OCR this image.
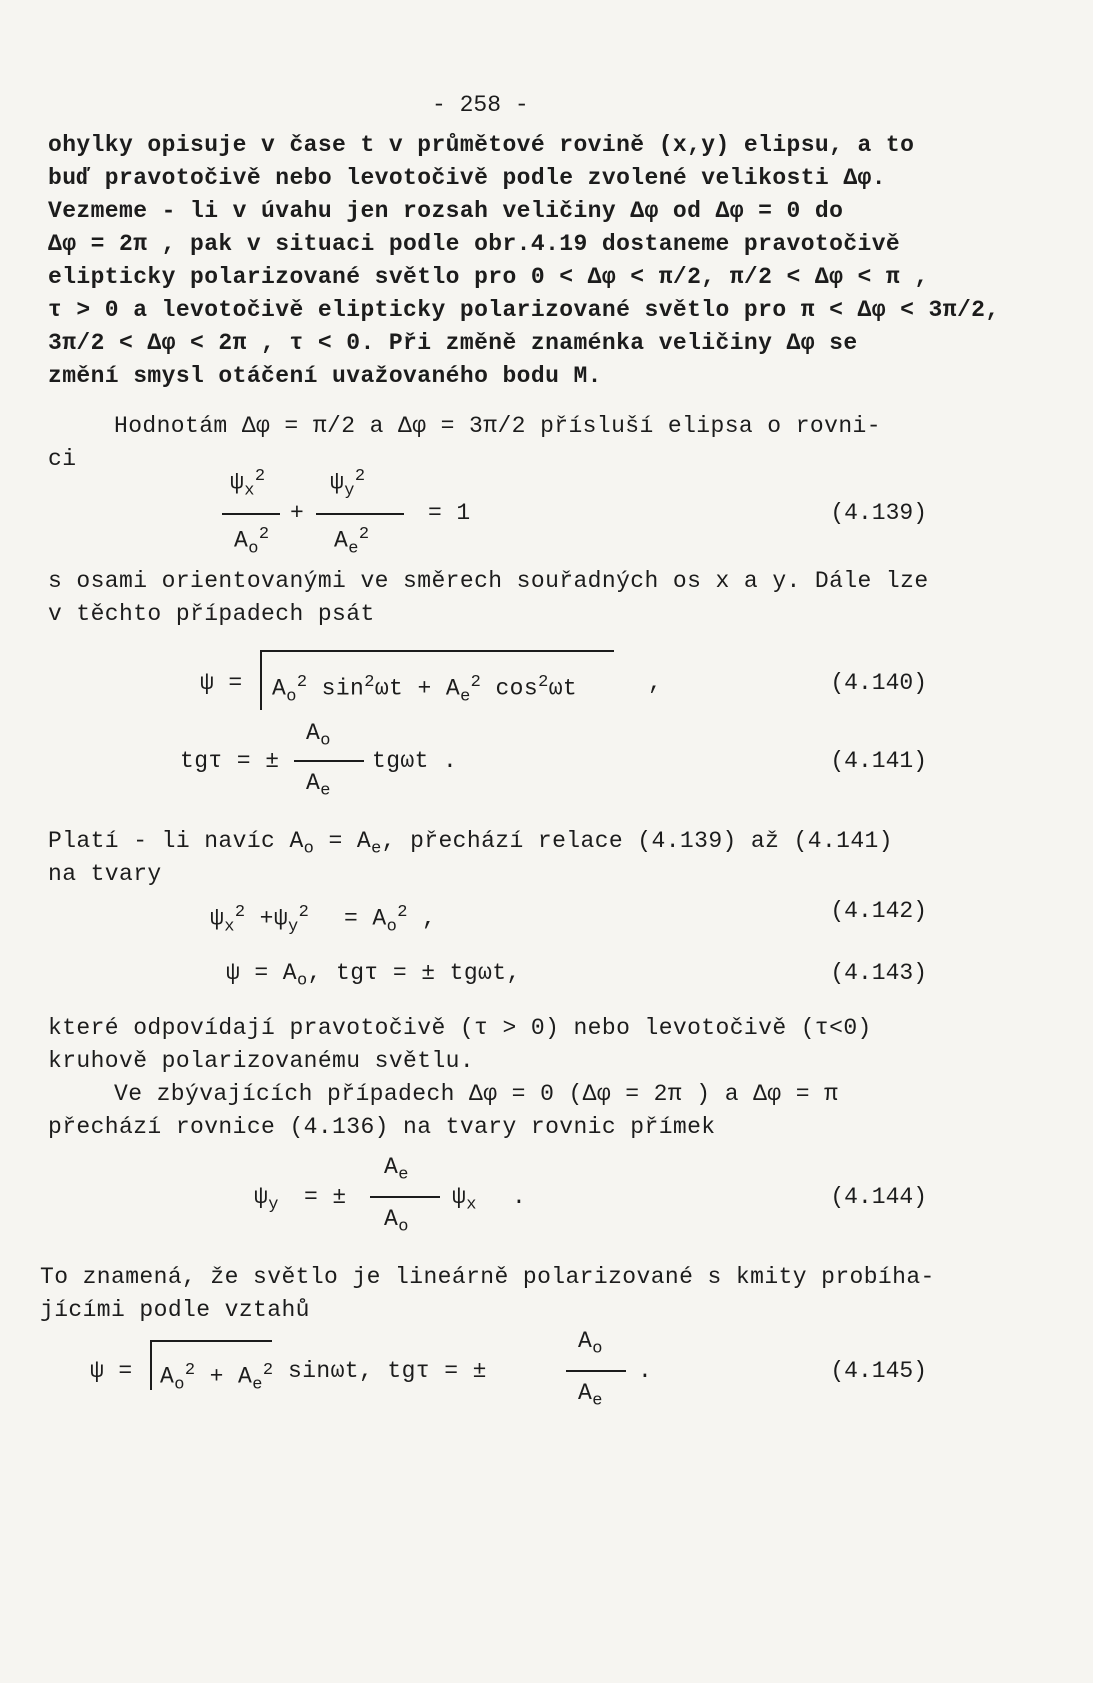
- 258 -
ohylky opisuje v čase t v průmětové rovině (x,y) elipsu, a to
buď pravotočivě nebo levotočivě podle zvolené velikosti Δφ.
Vezmeme - li v úvahu jen rozsah veličiny Δφ od Δφ = 0 do
Δφ = 2π , pak v situaci podle obr.4.19 dostaneme pravotočivě
elipticky polarizované světlo pro 0 < Δφ < π/2, π/2 < Δφ < π ,
τ > 0 a levotočivě elipticky polarizované světlo pro π < Δφ < 3π/2,
3π/2 < Δφ < 2π , τ < 0. Při změně znaménka veličiny Δφ se
změní smysl otáčení uvažovaného bodu M.
Hodnotám Δφ = π/2 a Δφ = 3π/2 přísluší elipsa o rovni-
ci
$\psi_x^2$
$A_o^2$
+
$\psi_y^2$
$A_e^2$
= 1	(4.139)
s osami orientovanými ve směrech souřadných os x a y. Dále lze
v těchto případech psát
$\psi = A_o^2$ $\sin^2\omega t + A_e^2$ $\cos^2\omega t$	,	(4.140)
tgτ = ±
$A_o$
$A_e$
tgωt .	(4.141)
Platí - li navíc $A_o = A_e$, přechází relace (4.139) až (4.141)
na tvary
$\psi_x^2 +\psi_y^2 = A_o^2$ ,	(4.142)
$\psi = A_o$, tgτ = ± tgωt,	(4.143)
které odpovídají pravotočivě (τ > 0) nebo levotočivě (τ<0)
kruhově polarizovanému světlu.
Ve zbývajících případech Δφ = 0 (Δφ = 2π ) a Δφ = π
přechází rovnice (4.136) na tvary rovnic přímek
$\psi_y$ = ±
$A_e$
$A_o$
$\psi_x$ .	(4.144)
To znamená, že světlo je lineárně polarizované s kmity probíha-
jícími podle vztahů
$\psi = A_o^2 + A_e^2$ sinωt, tgτ = ±
$A_o$
$A_e$
.	(4.145)
